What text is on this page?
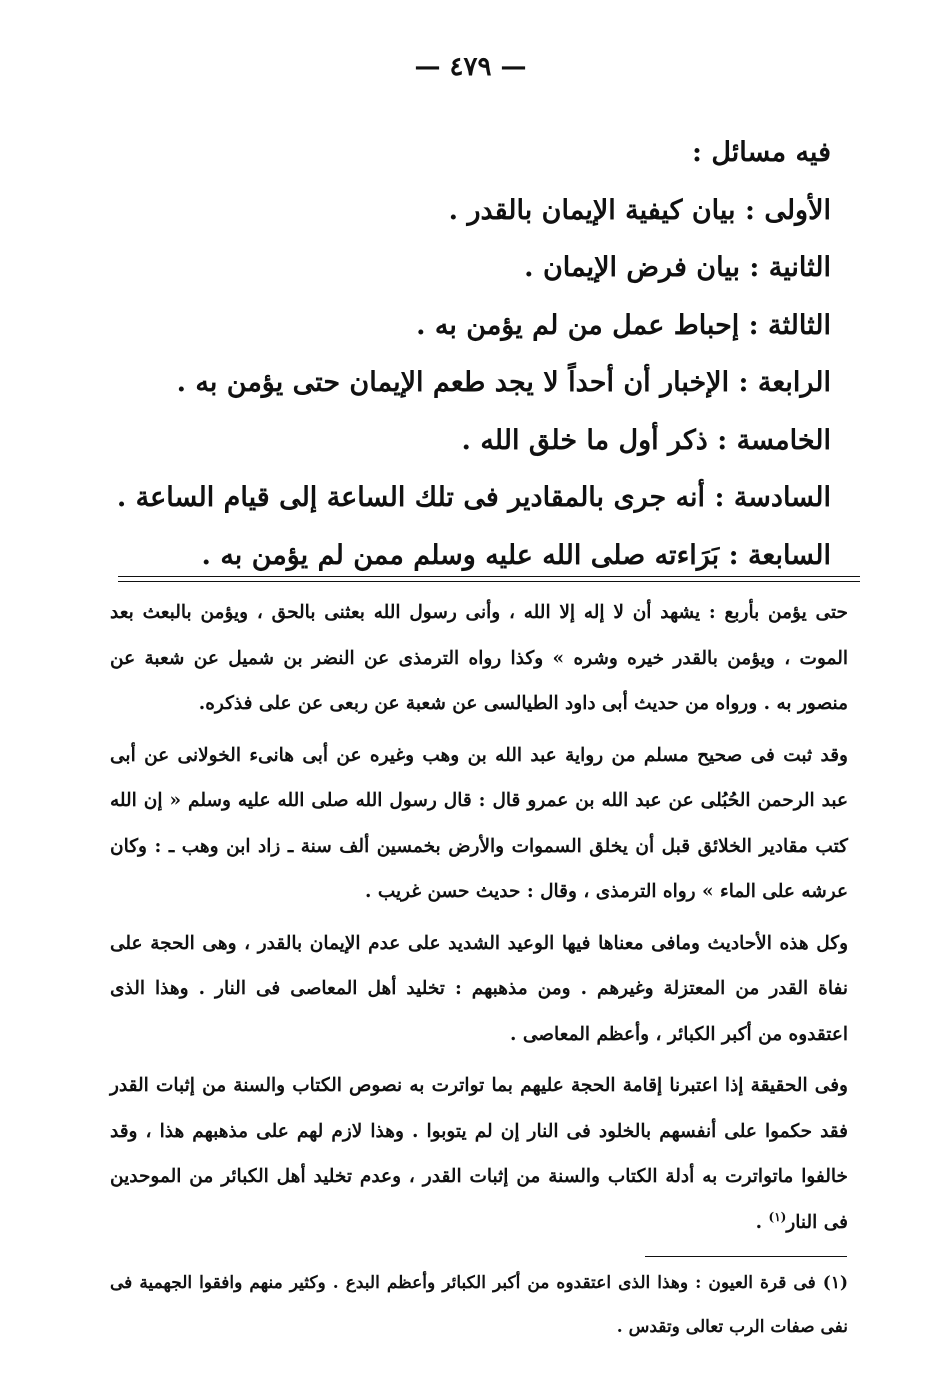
— ٤٧٩ —
فيه مسائل :
الأولى : بيان كيفية الإيمان بالقدر .
الثانية : بيان فرض الإيمان .
الثالثة : إحباط عمل من لم يؤمن به .
الرابعة : الإخبار أن أحداً لا يجد طعم الإيمان حتى يؤمن به .
الخامسة : ذكر أول ما خلق الله .
السادسة : أنه جرى بالمقادير فى تلك الساعة إلى قيام الساعة .
السابعة : بَرَاءته صلى الله عليه وسلم ممن لم يؤمن به .

حتى يؤمن بأربع : يشهد أن لا إله إلا الله ، وأنى رسول الله بعثنى بالحق ، ويؤمن بالبعث بعد الموت ، ويؤمن بالقدر خيره وشره » وكذا رواه الترمذى عن النضر بن شميل عن شعبة عن منصور به . ورواه من حديث أبى داود الطيالسى عن شعبة عن ربعى عن على فذكره.

وقد ثبت فى صحيح مسلم من رواية عبد الله بن وهب وغيره عن أبى هانىء الخولانى عن أبى عبد الرحمن الحُبُلى عن عبد الله بن عمرو قال : قال رسول الله صلى الله عليه وسلم « إن الله كتب مقادير الخلائق قبل أن يخلق السموات والأرض بخمسين ألف سنة ـ زاد ابن وهب ـ : وكان عرشه على الماء » رواه الترمذى ، وقال : حديث حسن غريب .

وكل هذه الأحاديث ومافى معناها فيها الوعيد الشديد على عدم الإيمان بالقدر ، وهى الحجة على نفاة القدر من المعتزلة وغيرهم . ومن مذهبهم : تخليد أهل المعاصى فى النار . وهذا الذى اعتقدوه من أكبر الكبائر ، وأعظم المعاصى .

وفى الحقيقة إذا اعتبرنا إقامة الحجة عليهم بما تواترت به نصوص الكتاب والسنة من إثبات القدر فقد حكموا على أنفسهم بالخلود فى النار إن لم يتوبوا . وهذا لازم لهم على مذهبهم هذا ، وقد خالفوا ماتواترت به أدلة الكتاب والسنة من إثبات القدر ، وعدم تخليد أهل الكبائر من الموحدين فى النار$^{(١)}$ .

(١) فى قرة العيون : وهذا الذى اعتقدوه من أكبر الكبائر وأعظم البدع . وكثير منهم وافقوا الجهمية فى نفى صفات الرب تعالى وتقدس .
